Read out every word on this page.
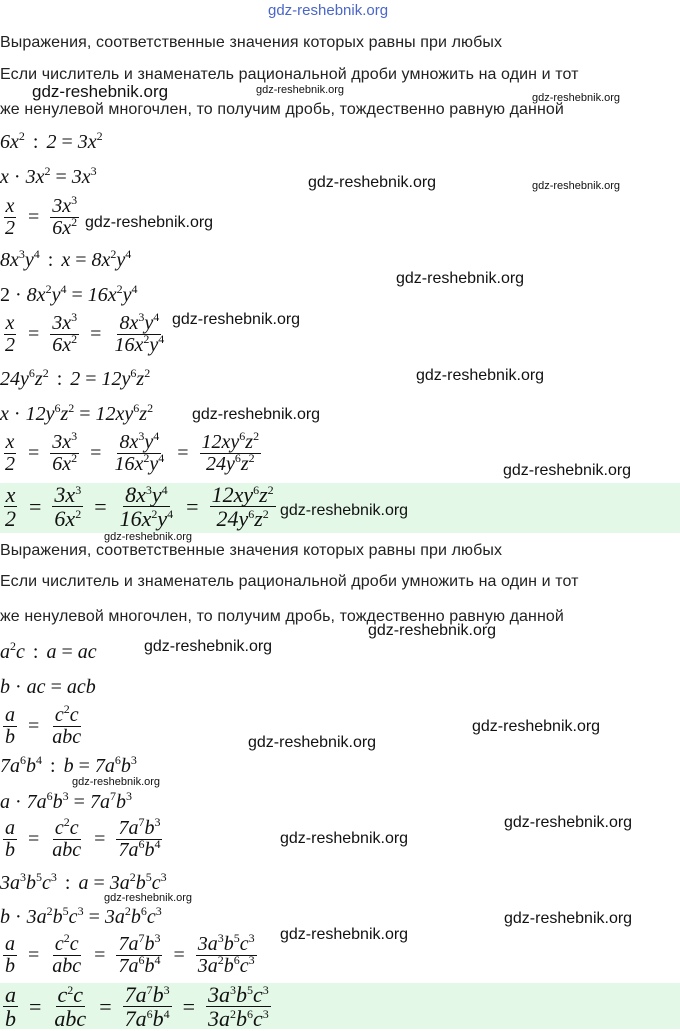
gdz-reshebnik.org
Выражения, соответственные значения которых равны при любых
Если числитель и знаменатель рациональной дроби умножить на один и тот
же ненулевой многочлен, то получим дробь, тождественно равную данной
$6x^2$ : $2 = 3x^2$
$x \cdot 3x^2 = 3x^3$
$\frac{x}{2} = \frac{3x^3}{6x^2}$
$8x^3y^4$ : $x = 8x^2y^4$
$2 \cdot 8x^2y^4 = 16x^2y^4$
$\frac{x}{2} = \frac{3x^3}{6x^2} = \frac{8x^3y^4}{16x^2y^4}$
$24y^6z^2$ : $2 = 12y^6z^2$
$x \cdot 12y^6z^2 = 12xy^6z^2$
$\frac{x}{2} = \frac{3x^3}{6x^2} = \frac{8x^3y^4}{16x^2y^4} = \frac{12xy^6z^2}{24y^6z^2}$
$\frac{x}{2} = \frac{3x^3}{6x^2} = \frac{8x^3y^4}{16x^2y^4} = \frac{12xy^6z^2}{24y^6z^2}$
Выражения, соответственные значения которых равны при любых
Если числитель и знаменатель рациональной дроби умножить на один и тот
же ненулевой многочлен, то получим дробь, тождественно равную данной
$a^2c$ : a = ac
b · ac = acb
$\frac{a}{b} = \frac{c^2c}{\text{abc}}$
$7a^6b^4$ : $b = 7a^6b^3$
$a \cdot 7a^6b^3 = 7a^7b^3$
$\frac{a}{b} = \frac{c^2c}{\text{abc}} = \frac{7a^7b^3}{7a^6b^4}$
$3a^3b^5c^3$ : $a = 3a^2b^5c^3$
$b \cdot 3a^2b^5c^3 = 3a^2b^6c^3$
$\frac{a}{b} = \frac{c^2c}{\text{abc}} = \frac{7a^7b^3}{7a^6b^4} = \frac{3a^3b^5c^3}{3a^2b^6c^3}$
$\frac{a}{b} = \frac{c^2c}{\text{abc}} = \frac{7a^7b^3}{7a^6b^4} = \frac{3a^3b^5c^3}{3a^2b^6c^3}$
gdz-reshebnik.org	gdz-reshebnik.org
gdz-reshebnik.org
gdz-reshebnik.org	gdz-reshebnik.org
gdz-reshebnik.org
gdz-reshebnik.org
gdz-reshebnik.org
gdz-reshebnik.org
gdz-reshebnik.org
gdz-reshebnik.org
gdz-reshebnik.org
gdz-reshebnik.org
gdz-reshebnik.org
gdz-reshebnik.org
gdz-reshebnik.org
gdz-reshebnik.org
gdz-reshebnik.org
gdz-reshebnik.org
gdz-reshebnik.org
gdz-reshebnik.org
gdz-reshebnik.org
gdz-reshebnik.org
